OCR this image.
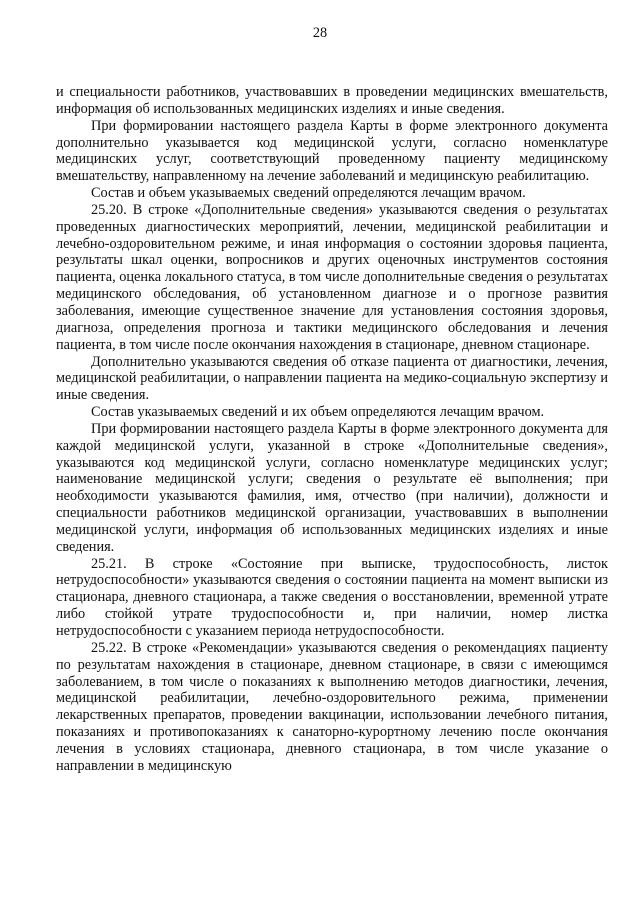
28

и специальности работников, участвовавших в проведении медицинских вмешательств, информация об использованных медицинских изделиях и иные сведения.

При формировании настоящего раздела Карты в форме электронного документа дополнительно указывается код медицинской услуги, согласно номенклатуре медицинских услуг, соответствующий проведенному пациенту медицинскому вмешательству, направленному на лечение заболеваний и медицинскую реабилитацию.

Состав и объем указываемых сведений определяются лечащим врачом.

25.20. В строке «Дополнительные сведения» указываются сведения о результатах проведенных диагностических мероприятий, лечении, медицинской реабилитации и лечебно-оздоровительном режиме, и иная информация о состоянии здоровья пациента, результаты шкал оценки, вопросников и других оценочных инструментов состояния пациента, оценка локального статуса, в том числе дополнительные сведения о результатах медицинского обследования, об установленном диагнозе и о прогнозе развития заболевания, имеющие существенное значение для установления состояния здоровья, диагноза, определения прогноза и тактики медицинского обследования и лечения пациента, в том числе после окончания нахождения в стационаре, дневном стационаре.

Дополнительно указываются сведения об отказе пациента от диагностики, лечения, медицинской реабилитации, о направлении пациента на медико-социальную экспертизу и иные сведения.

Состав указываемых сведений и их объем определяются лечащим врачом.

При формировании настоящего раздела Карты в форме электронного документа для каждой медицинской услуги, указанной в строке «Дополнительные сведения», указываются код медицинской услуги, согласно номенклатуре медицинских услуг; наименование медицинской услуги; сведения о результате её выполнения; при необходимости указываются фамилия, имя, отчество (при наличии), должности и специальности работников медицинской организации, участвовавших в выполнении медицинской услуги, информация об использованных медицинских изделиях и иные сведения.

25.21. В строке «Состояние при выписке, трудоспособность, листок нетрудоспособности» указываются сведения о состоянии пациента на момент выписки из стационара, дневного стационара, а также сведения о восстановлении, временной утрате либо стойкой утрате трудоспособности и, при наличии, номер листка нетрудоспособности с указанием периода нетрудоспособности.

25.22. В строке «Рекомендации» указываются сведения о рекомендациях пациенту по результатам нахождения в стационаре, дневном стационаре, в связи с имеющимся заболеванием, в том числе о показаниях к выполнению методов диагностики, лечения, медицинской реабилитации, лечебно-оздоровительного режима, применении лекарственных препаратов, проведении вакцинации, использовании лечебного питания, показаниях и противопоказаниях к санаторно-курортному лечению после окончания лечения в условиях стационара, дневного стационара, в том числе указание о направлении в медицинскую
